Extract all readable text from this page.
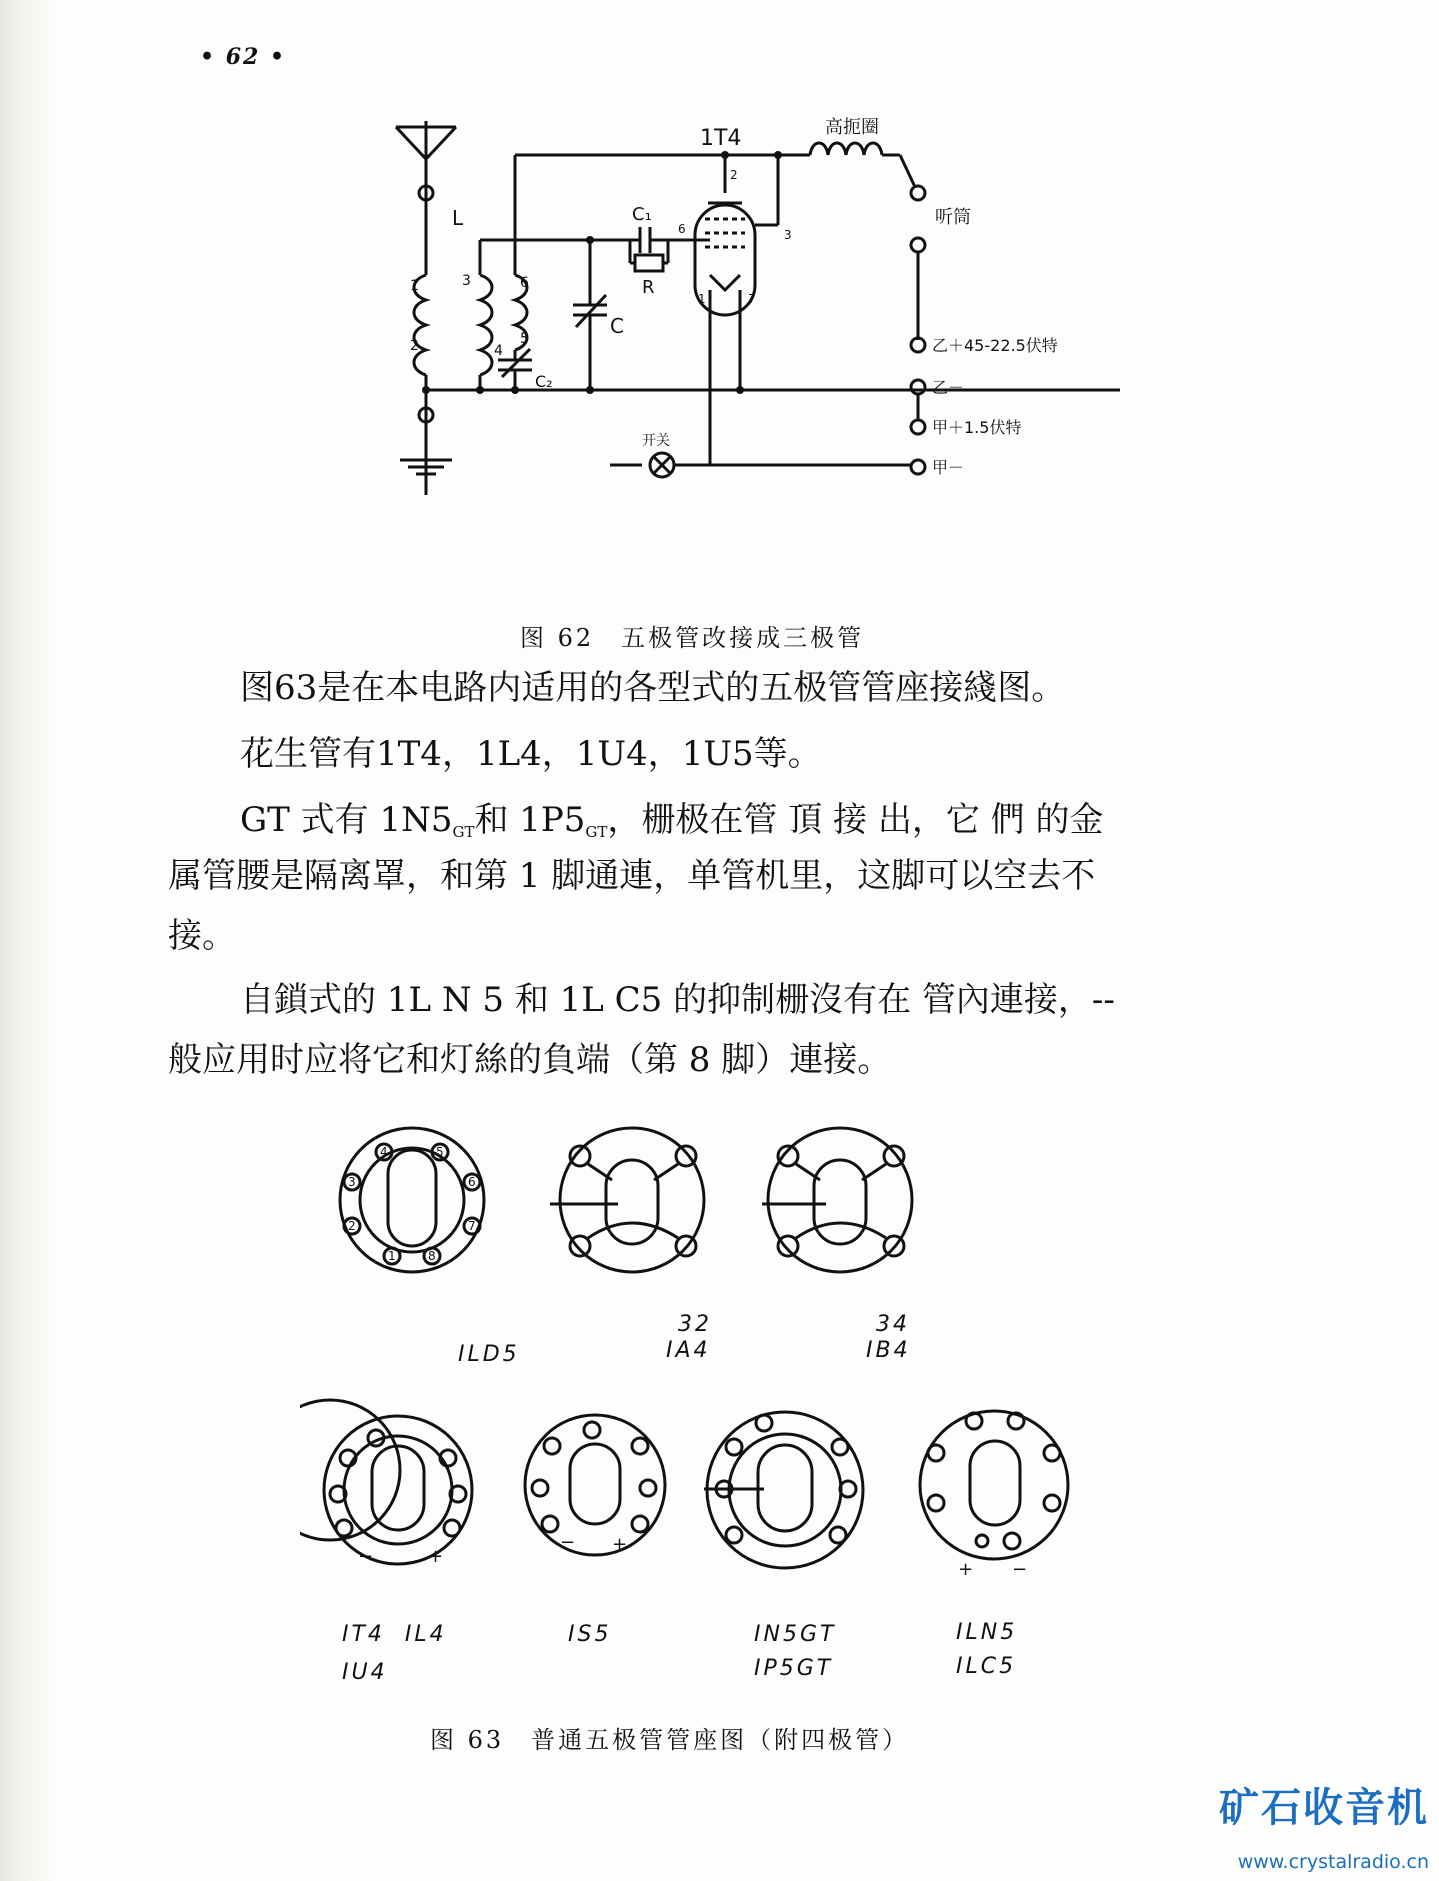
• 62 •
1T4	高扼圈
听筒
L	C₁
C₂
C
R
乙＋45-22.5伏特
乙－
甲＋1.5伏特
甲－
开关
1
2
3
4
5
6
1
2
3
6
7
图 62　五极管改接成三极管
图63是在本电路内适用的各型式的五极管管座接綫图。
花生管有1T4，1L4，1U4，1U5等。
GT 式有 $1N5_{GT}$和 $1P5_{GT}$，栅极在管 頂 接 出，它 們 的金
属管腰是隔离罩，和第 1 脚通連，单管机里，这脚可以空去不
接。
自鎖式的 1L N 5 和 1L C5 的抑制栅沒有在 管內連接，--
般应用时应将它和灯絲的負端（第 8 脚）連接。
4	5
3	6
2	7
1	8
−	+
− +
+ −
ILD5
32
IA4
34
IB4
IT4  IL4
IU4
IS5	IN5GT
IP5GT
ILN5
ILC5
图 63　普通五极管管座图（附四极管）
矿石收音机
www.crystalradio.cn
